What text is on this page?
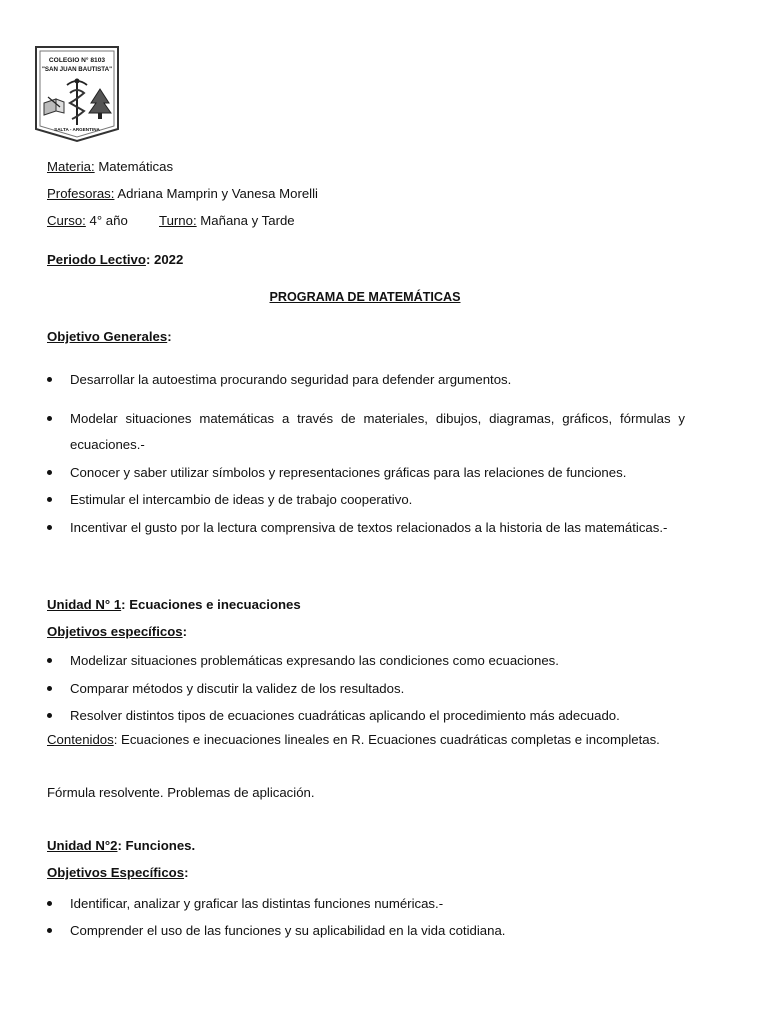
COLEGIO N° 8103
"SAN JUAN BAUTISTA"
SALTA - ARGENTINA
Materia: Matemáticas
Profesoras: Adriana Mamprin y Vanesa Morelli
Curso: 4° año Turno: Mañana y Tarde
Periodo Lectivo: 2022
PROGRAMA DE MATEMÁTICAS
Objetivo Generales:
Desarrollar la autoestima procurando seguridad para defender argumentos.
Modelar situaciones matemáticas a través de materiales, dibujos, diagramas, gráficos, fórmulas y ecuaciones.-
Conocer y saber utilizar símbolos y representaciones gráficas para las relaciones de funciones.
Estimular el intercambio de ideas y de trabajo cooperativo.
Incentivar el gusto por la lectura comprensiva de textos relacionados a la historia de las matemáticas.-
Unidad N° 1: Ecuaciones e inecuaciones
Objetivos específicos:
Modelizar situaciones problemáticas expresando las condiciones como ecuaciones.
Comparar métodos y discutir la validez de los resultados.
Resolver distintos tipos de ecuaciones cuadráticas aplicando el procedimiento más adecuado.
Contenidos: Ecuaciones e inecuaciones lineales en R. Ecuaciones cuadráticas completas e incompletas.
Fórmula resolvente. Problemas de aplicación.
Unidad N°2: Funciones.
Objetivos Específicos:
Identificar, analizar y graficar las distintas funciones numéricas.-
Comprender el uso de las funciones y su aplicabilidad en la vida cotidiana.
